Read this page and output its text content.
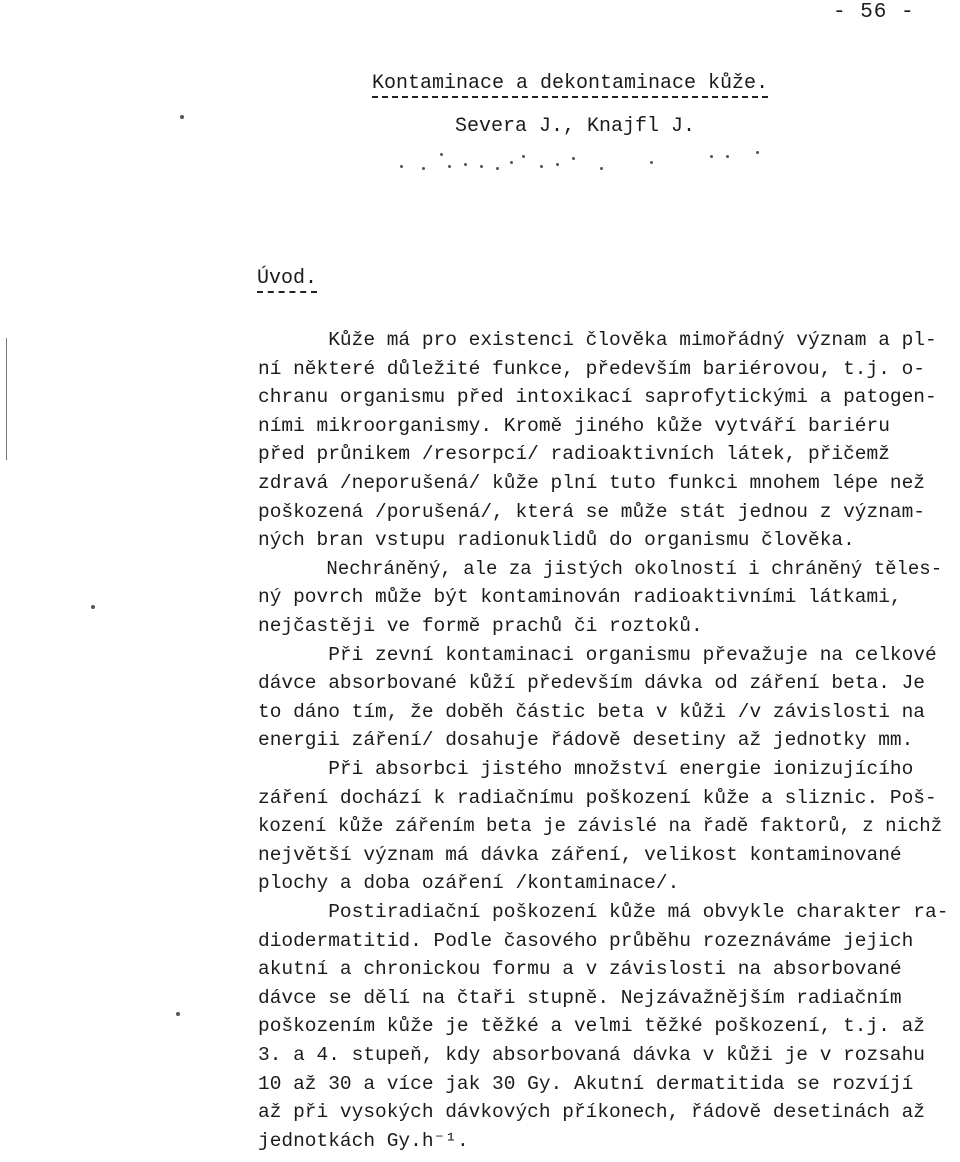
- 56 -
Kontaminace a dekontaminace kůže.
Severa J., Knajfl J.
Úvod.
Kůže má pro existenci člověka mimořádný význam a pl-
ní některé důležité funkce, především bariérovou, t.j. o-
chranu organismu před intoxikací saprofytickými a patogen-
ními mikroorganismy. Kromě jiného kůže vytváří bariéru
před průnikem /resorpcí/ radioaktivních látek, přičemž
zdravá /neporušená/ kůže plní tuto funkci mnohem lépe než
poškozená /porušená/, která se může stát jednou z význam-
ných bran vstupu radionuklidů do organismu člověka.
Nechráněný, ale za jistých okolností i chráněný těles-
ný povrch může být kontaminován radioaktivními látkami,
nejčastěji ve formě prachů či roztoků.
Při zevní kontaminaci organismu převažuje na celkové
dávce absorbované kůží především dávka od záření beta. Je
to dáno tím, že doběh částic beta v kůži /v závislosti na
energii záření/ dosahuje řádově desetiny až jednotky mm.
Při absorbci jistého množství energie ionizujícího
záření dochází k radiačnímu poškození kůže a sliznic. Poš-
kození kůže zářením beta je závislé na řadě faktorů, z nichž
největší význam má dávka záření, velikost kontaminované
plochy a doba ozáření /kontaminace/.
Postiradiační poškození kůže má obvykle charakter ra-
diodermatitid. Podle časového průběhu rozeznáváme jejich
akutní a chronickou formu a v závislosti na absorbované
dávce se dělí na čtaři stupně. Nejzávažnějším radiačním
poškozením kůže je těžké a velmi těžké poškození, t.j. až
3. a 4. stupeň, kdy absorbovaná dávka v kůži je v rozsahu
10 až 30 a více jak 30 Gy. Akutní dermatitida se rozvíjí
až při vysokých dávkových příkonech, řádově desetinách až
jednotkách Gy.h⁻¹.
